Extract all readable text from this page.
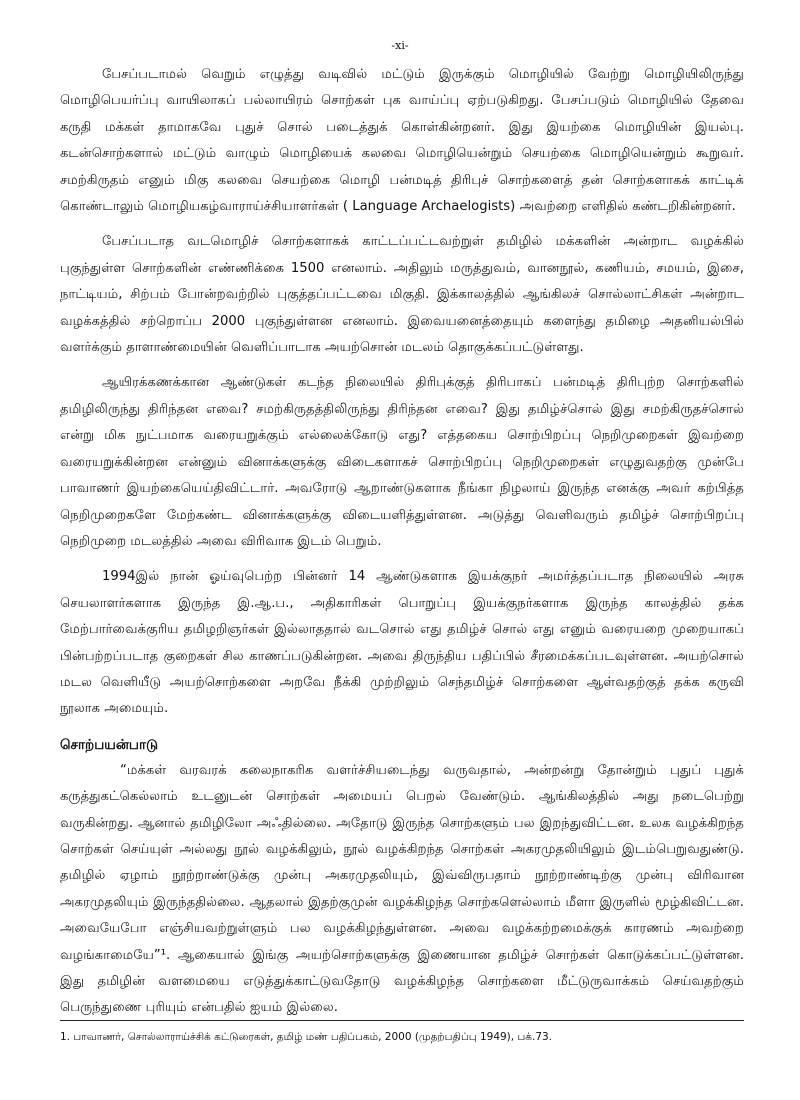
-xi-

பேசப்படாமல் வெறும் எழுத்து வடிவில் மட்டும் இருக்கும் மொழியில் வேற்று மொழியிலிருந்து மொழிபெயர்ப்பு வாயிலாகப் பல்லாயிரம் சொற்கள் புக வாய்ப்பு ஏற்படுகிறது. பேசப்படும் மொழியில் தேவை கருதி மக்கள் தாமாகவே புதுச் சொல் படைத்துக் கொள்கின்றனர். இது இயற்கை மொழியின் இயல்பு. கடன்சொற்களால் மட்டும் வாழும் மொழியைக் கலவை மொழியென்றும் செயற்கை மொழியென்றும் கூறுவர். சமற்கிருதம் எனும் மிகு கலவை செயற்கை மொழி பன்மடித் திரிபுச் சொற்களைத் தன் சொற்களாகக் காட்டிக் கொண்டாலும் மொழியகழ்வாராய்ச்சியாளர்கள் ( Language Archaelogists) அவற்றை எளிதில் கண்டறிகின்றனர்.

பேசப்படாத வடமொழிச் சொற்களாகக் காட்டப்பட்டவற்றுள் தமிழில் மக்களின் அன்றாட வழக்கில் புகுந்துள்ள சொற்களின் எண்ணிக்கை 1500 எனலாம். அதிலும் மருத்துவம், வானநூல், கணியம், சமயம், இசை, நாட்டியம், சிற்பம் போன்றவற்றில் புகுத்தப்பட்டவை மிகுதி. இக்காலத்தில் ஆங்கிலச் சொல்லாட்சிகள் அன்றாட வழக்கத்தில் சற்றொப்ப 2000 புகுந்துள்ளன எனலாம். இவையனைத்தையும் களைந்து தமிழை அதனியல்பில் வளர்க்கும் தாளாண்மையின் வெளிப்பாடாக அயற்சொன் மடலம் தொகுக்கப்பட்டுள்ளது.

ஆயிரக்கணக்கான ஆண்டுகள் கடந்த நிலையில் திரிபுக்குத் திரிபாகப் பன்மடித் திரிபுற்ற சொற்களில் தமிழிலிருந்து திரிந்தன எவை? சமற்கிருதத்திலிருந்து திரிந்தன எவை? இது தமிழ்ச்சொல் இது சமற்கிருதச்சொல் என்று மிக நுட்பமாக வரையறுக்கும் எல்லைக்கோடு எது? எத்தகைய சொற்பிறப்பு நெறிமுறைகள் இவற்றை வரையறுக்கின்றன என்னும் வினாக்களுக்கு விடைகளாகச் சொற்பிறப்பு நெறிமுறைகள் எழுதுவதற்கு முன்பே பாவாணர் இயற்கையெய்திவிட்டார். அவரோடு ஆறாண்டுகளாக நீங்கா நிழலாய் இருந்த எனக்கு அவர் கற்பித்த நெறிமுறைகளே மேற்கண்ட வினாக்களுக்கு விடையளித்துள்ளன. அடுத்து வெளிவரும் தமிழ்ச் சொற்பிறப்பு நெறிமுறை மடலத்தில் அவை விரிவாக இடம் பெறும்.

1994இல் நான் ஓய்வுபெற்ற பின்னர் 14 ஆண்டுகளாக இயக்குநர் அமர்த்தப்படாத நிலையில் அரசு செயலாளர்களாக இருந்த இ.ஆ.ப., அதிகாரிகள் பொறுப்பு இயக்குநர்களாக இருந்த காலத்தில் தக்க மேற்பார்வைக்குரிய தமிழறிஞர்கள் இல்லாததால் வடசொல் எது தமிழ்ச் சொல் எது எனும் வரையறை முறையாகப் பின்பற்றப்படாத குறைகள் சில காணப்படுகின்றன. அவை திருந்திய பதிப்பில் சீரமைக்கப்படவுள்ளன. அயற்சொல் மடல வெளியீடு அயற்சொற்களை அறவே நீக்கி முற்றிலும் செந்தமிழ்ச் சொற்களை ஆள்வதற்குத் தக்க கருவி நூலாக அமையும்.

சொற்பயன்பாடு

“மக்கள் வரவரக் கலைநாகரிக வளர்ச்சியடைந்து வருவதால், அன்றன்று தோன்றும் புதுப் புதுக் கருத்துகட்கெல்லாம் உடனுடன் சொற்கள் அமையப் பெறல் வேண்டும். ஆங்கிலத்தில் அது நடைபெற்று வருகின்றது. ஆனால் தமிழிலோ அஃதில்லை. அதோடு இருந்த சொற்களும் பல இறந்துவிட்டன. உலக வழக்கிறந்த சொற்கள் செய்யுள் அல்லது நூல் வழக்கிலும், நூல் வழக்கிறந்த சொற்கள் அகரமுதலியிலும் இடம்பெறுவதுண்டு. தமிழில் ஏழாம் நூற்றாண்டுக்கு முன்பு அகரமுதலியும், இவ்விருபதாம் நூற்றாண்டிற்கு முன்பு விரிவான அகரமுதலியும் இருந்ததில்லை. ஆதலால் இதற்குமுன் வழக்கிழந்த சொற்களெல்லாம் மீளா இருளில் மூழ்கிவிட்டன. அவையேபோ எஞ்சியவற்றுள்ளும் பல வழக்கிழந்துள்ளன. அவை வழக்கற்றமைக்குக் காரணம் அவற்றை வழங்காமையே”¹. ஆகையால் இங்கு அயற்சொற்களுக்கு இணையான தமிழ்ச் சொற்கள் கொடுக்கப்பட்டுள்ளன. இது தமிழின் வளமையை எடுத்துக்காட்டுவதோடு வழக்கிழந்த சொற்களை மீட்டுருவாக்கம் செய்வதற்கும் பெருந்துணை புரியும் என்பதில் ஐயம் இல்லை.

1. பாவாணர், சொல்லாராய்ச்சிக் கட்டுரைகள், தமிழ் மண் பதிப்பகம், 2000 (முதற்பதிப்பு 1949), பக்.73.
